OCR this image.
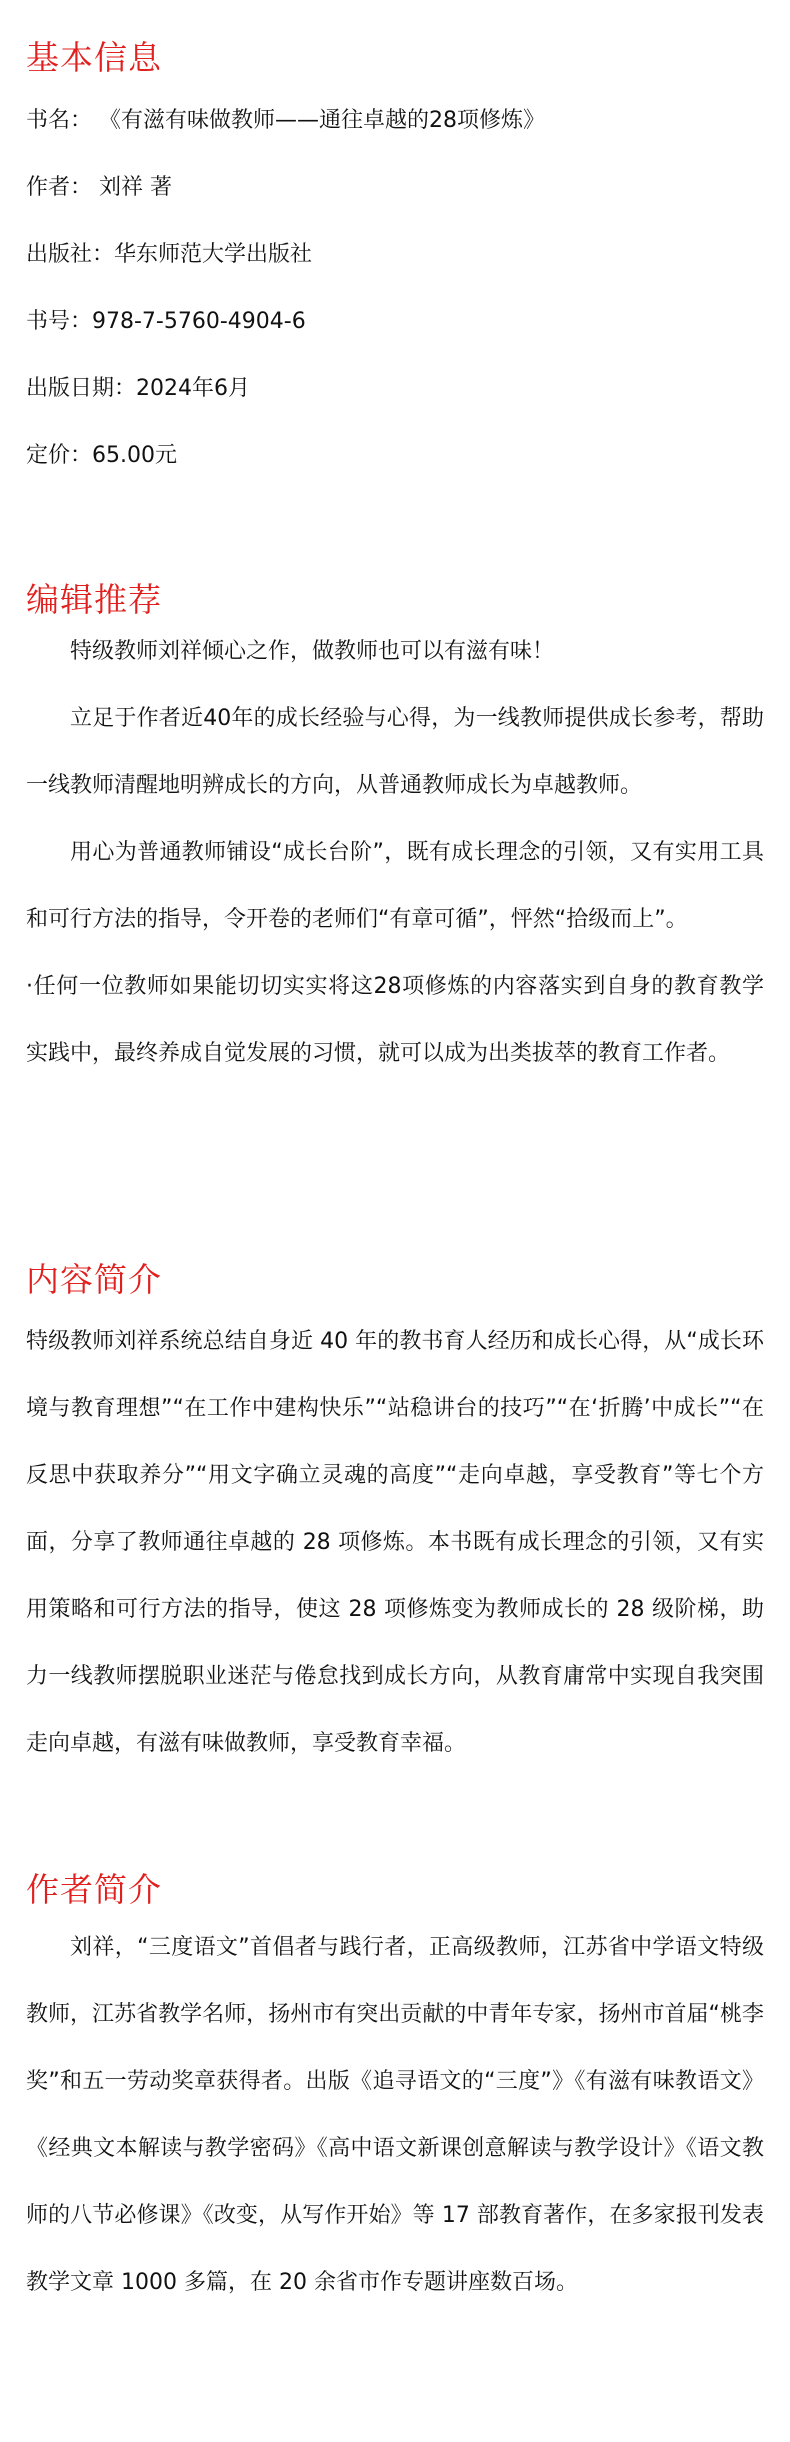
基本信息

书名： 《有滋有味做教师——通往卓越的28项修炼》

作者： 刘祥 著

出版社：华东师范大学出版社

书号：978-7-5760-4904-6

出版日期：2024年6月

定价：65.00元

编辑推荐

特级教师刘祥倾心之作，做教师也可以有滋有味！

立足于作者近40年的成长经验与心得，为一线教师提供成长参考，帮助一线教师清醒地明辨成长的方向，从普通教师成长为卓越教师。

用心为普通教师铺设“成长台阶”，既有成长理念的引领，又有实用工具和可行方法的指导，令开卷的老师们“有章可循”，怦然“拾级而上”。

·任何一位教师如果能切切实实将这28项修炼的内容落实到自身的教育教学实践中，最终养成自觉发展的习惯，就可以成为出类拔萃的教育工作者。

内容简介

特级教师刘祥系统总结自身近 40 年的教书育人经历和成长心得，从“成长环境与教育理想”“在工作中建构快乐”“站稳讲台的技巧”“在‘折腾’中成长”“在反思中获取养分”“用文字确立灵魂的高度”“走向卓越，享受教育”等七个方面，分享了教师通往卓越的 28 项修炼。本书既有成长理念的引领，又有实用策略和可行方法的指导，使这 28 项修炼变为教师成长的 28 级阶梯，助力一线教师摆脱职业迷茫与倦怠找到成长方向，从教育庸常中实现自我突围走向卓越，有滋有味做教师，享受教育幸福。

作者简介

刘祥，“三度语文”首倡者与践行者，正高级教师，江苏省中学语文特级教师，江苏省教学名师，扬州市有突出贡献的中青年专家，扬州市首届“桃李奖”和五一劳动奖章获得者。出版《追寻语文的“三度”》《有滋有味教语文》《经典文本解读与教学密码》《高中语文新课创意解读与教学设计》《语文教师的八节必修课》《改变，从写作开始》等 17 部教育著作，在多家报刊发表教学文章 1000 多篇，在 20 余省市作专题讲座数百场。
